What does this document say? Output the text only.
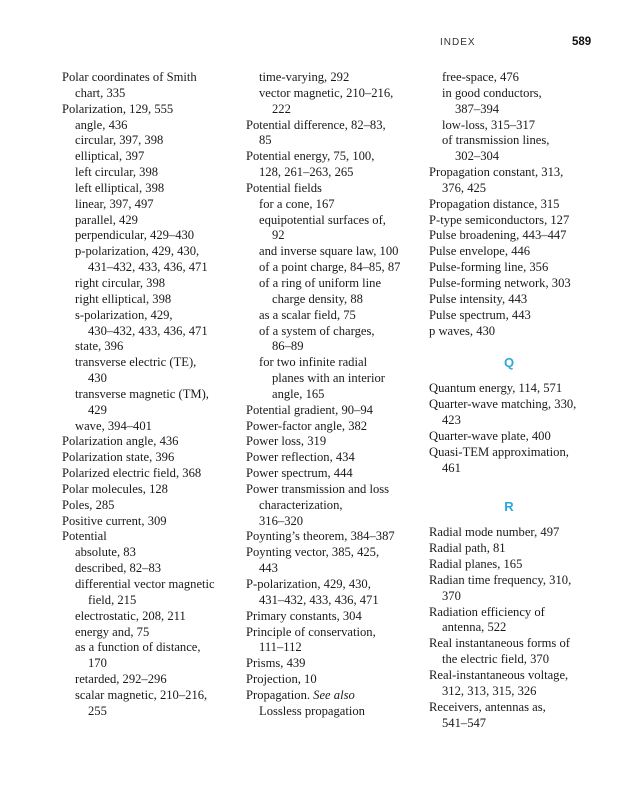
INDEX	589

Polar coordinates of Smith
chart, 335

Polarization, 129, 555

angle, 436

circular, 397, 398

elliptical, 397

left circular, 398

left elliptical, 398

linear, 397, 497

parallel, 429

perpendicular, 429–430

p-polarization, 429, 430,
431–432, 433, 436, 471

right circular, 398

right elliptical, 398

s-polarization, 429,
430–432, 433, 436, 471

state, 396

transverse electric (TE),
430

transverse magnetic (TM),
429

wave, 394–401

Polarization angle, 436

Polarization state, 396

Polarized electric field, 368

Polar molecules, 128

Poles, 285

Positive current, 309

Potential

absolute, 83

described, 82–83

differential vector magnetic
field, 215

electrostatic, 208, 211

energy and, 75

as a function of distance,
170

retarded, 292–296

scalar magnetic, 210–216,
255

time-varying, 292

vector magnetic, 210–216,
222

Potential difference, 82–83,
85

Potential energy, 75, 100,
128, 261–263, 265

Potential fields

for a cone, 167

equipotential surfaces of,
92

and inverse square law, 100

of a point charge, 84–85, 87

of a ring of uniform line
charge density, 88

as a scalar field, 75

of a system of charges,
86–89

for two infinite radial
planes with an interior
angle, 165

Potential gradient, 90–94

Power-factor angle, 382

Power loss, 319

Power reflection, 434

Power spectrum, 444

Power transmission and loss
characterization,
316–320

Poynting’s theorem, 384–387

Poynting vector, 385, 425,
443

P-polarization, 429, 430,
431–432, 433, 436, 471

Primary constants, 304

Principle of conservation,
111–112

Prisms, 439

Projection, 10

Propagation. See also
Lossless propagation

free-space, 476

in good conductors,
387–394

low-loss, 315–317

of transmission lines,
302–304

Propagation constant, 313,
376, 425

Propagation distance, 315

P-type semiconductors, 127

Pulse broadening, 443–447

Pulse envelope, 446

Pulse-forming line, 356

Pulse-forming network, 303

Pulse intensity, 443

Pulse spectrum, 443

p waves, 430

Q

Quantum energy, 114, 571

Quarter-wave matching, 330,
423

Quarter-wave plate, 400

Quasi-TEM approximation,
461

R

Radial mode number, 497

Radial path, 81

Radial planes, 165

Radian time frequency, 310,
370

Radiation efficiency of
antenna, 522

Real instantaneous forms of
the electric field, 370

Real-instantaneous voltage,
312, 313, 315, 326

Receivers, antennas as,
541–547
